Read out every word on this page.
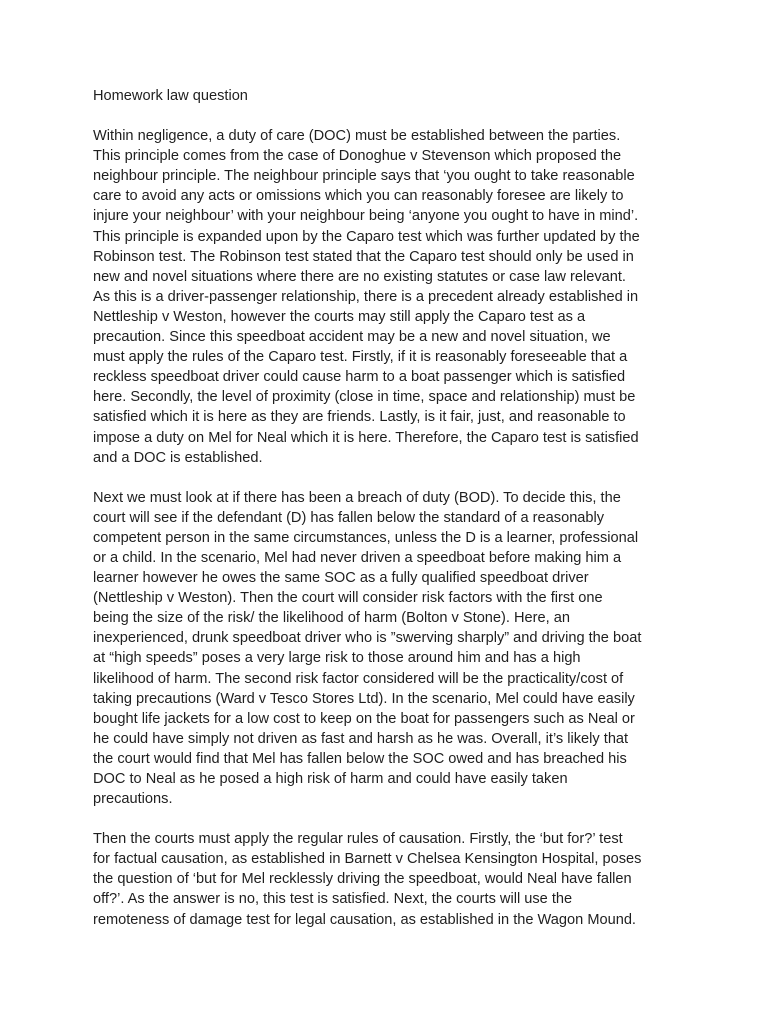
Homework law question
Within negligence, a duty of care (DOC) must be established between the parties.
This principle comes from the case of Donoghue v Stevenson which proposed the
neighbour principle. The neighbour principle says that ‘you ought to take reasonable
care to avoid any acts or omissions which you can reasonably foresee are likely to
injure your neighbour’ with your neighbour being ‘anyone you ought to have in mind’.
This principle is expanded upon by the Caparo test which was further updated by the
Robinson test. The Robinson test stated that the Caparo test should only be used in
new and novel situations where there are no existing statutes or case law relevant.
As this is a driver-passenger relationship, there is a precedent already established in
Nettleship v Weston, however the courts may still apply the Caparo test as a
precaution. Since this speedboat accident may be a new and novel situation, we
must apply the rules of the Caparo test. Firstly, if it is reasonably foreseeable that a
reckless speedboat driver could cause harm to a boat passenger which is satisfied
here. Secondly, the level of proximity (close in time, space and relationship) must be
satisfied which it is here as they are friends. Lastly, is it fair, just, and reasonable to
impose a duty on Mel for Neal which it is here. Therefore, the Caparo test is satisfied
and a DOC is established.
Next we must look at if there has been a breach of duty (BOD). To decide this, the
court will see if the defendant (D) has fallen below the standard of a reasonably
competent person in the same circumstances, unless the D is a learner, professional
or a child. In the scenario, Mel had never driven a speedboat before making him a
learner however he owes the same SOC as a fully qualified speedboat driver
(Nettleship v Weston). Then the court will consider risk factors with the first one
being the size of the risk/ the likelihood of harm (Bolton v Stone). Here, an
inexperienced, drunk speedboat driver who is ”swerving sharply” and driving the boat
at “high speeds” poses a very large risk to those around him and has a high
likelihood of harm. The second risk factor considered will be the practicality/cost of
taking precautions (Ward v Tesco Stores Ltd). In the scenario, Mel could have easily
bought life jackets for a low cost to keep on the boat for passengers such as Neal or
he could have simply not driven as fast and harsh as he was. Overall, it’s likely that
the court would find that Mel has fallen below the SOC owed and has breached his
DOC to Neal as he posed a high risk of harm and could have easily taken
precautions.
Then the courts must apply the regular rules of causation. Firstly, the ‘but for?’ test
for factual causation, as established in Barnett v Chelsea Kensington Hospital, poses
the question of ‘but for Mel recklessly driving the speedboat, would Neal have fallen
off?’. As the answer is no, this test is satisfied. Next, the courts will use the
remoteness of damage test for legal causation, as established in the Wagon Mound.
